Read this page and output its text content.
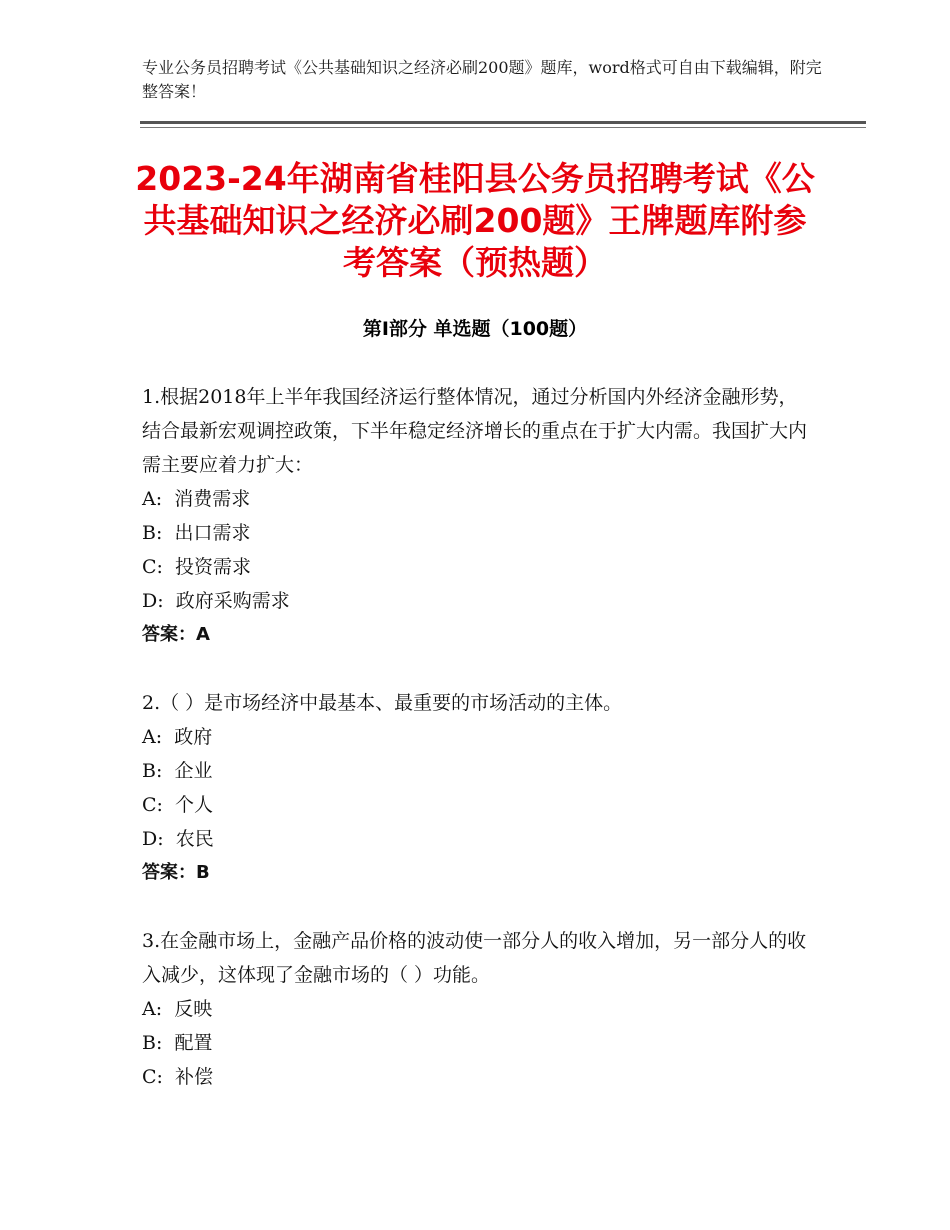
专业公务员招聘考试《公共基础知识之经济必刷200题》题库，word格式可自由下载编辑，附完整答案！
2023-24年湖南省桂阳县公务员招聘考试《公共基础知识之经济必刷200题》王牌题库附参考答案（预热题）
第Ⅰ部分 单选题（100题）

1.根据2018年上半年我国经济运行整体情况，通过分析国内外经济金融形势，结合最新宏观调控政策，下半年稳定经济增长的重点在于扩大内需。我国扩大内需主要应着力扩大：

A:  消费需求

B:  出口需求

C:  投资需求

D:  政府采购需求

答案：A

2.（ ）是市场经济中最基本、最重要的市场活动的主体。

A:  政府

B:  企业

C:  个人

D:  农民

答案：B

3.在金融市场上，金融产品价格的波动使一部分人的收入增加，另一部分人的收入减少，这体现了金融市场的（ ）功能。

A:  反映

B:  配置

C:  补偿
